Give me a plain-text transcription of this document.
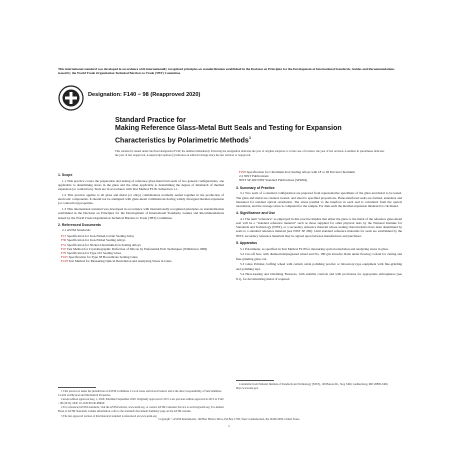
This international standard was developed in accordance with internationally recognized principles on standardization established in the Decision on Principles for the Development of International Standards, Guides and Recommendations issued by the World Trade Organization Technical Barriers to Trade (TBT) Committee.
Designation: F140 − 98 (Reapproved 2020)
Standard Practice for
Making Reference Glass-Metal Butt Seals and Testing for Expansion Characteristics by Polarimetric Methods$^1$
This standard is issued under the fixed designation F140; the number immediately following the designation indicates the year of original adoption or, in the case of revision, the year of last revision. A number in parentheses indicates the year of last reapproval. A superscript epsilon (ε) indicates an editorial change since the last revision or reapproval.
1. Scope

1.1 This practice covers the preparation and testing of reference glass-metal butt seals of two general configurations, one applicable to determining stress in the glass and the other applicable to determining the degree of mismatch of thermal expansion (or contraction). Tests are in accordance with Test Method F218, Subsection 1.1.

1.2 This practice applies to all glass and metal (or alloy) combinations normally sealed together in the production of electronic components. It should not be attempted with glass-metal combinations having widely divergent thermal expansion (or contraction) properties.

1.3 This international standard was developed in accordance with internationally recognized principles on standardization established in the Decision on Principles for the Development of International Standards, Guides and Recommendations issued by the World Trade Organization Technical Barriers to Trade (TBT) Committee.

2. Referenced Documents

2.1 ASTM Standards:

F15 Specification for Iron-Nickel-Cobalt Sealing Alloy

F30 Specification for Iron-Nickel Sealing Alloys

F31 Specification for Nickel-Chromium-Iron Sealing Alloys

F47 Test Method for Crystallographic Perfection of Silicon by Preferential Etch Techniques (Withdrawn 1998)

F79 Specification for Type 101 Sealing Glass

F105 Specification for Type 58 Borosilicate Sealing Glass

F218 Test Method for Measuring Optical Retardation and Analyzing Stress in Glass

1 This practice is under the jurisdiction of ASTM Committee C14 on Glass and Glass Products and is the direct responsibility of Subcommittee C14.04 on Physical and Mechanical Properties.

Current edition approved Aug. 1, 2020. Published September 2020. Originally approved in 1972. Last previous edition approved in 2013 as F140 – 98 (2013). DOI: 10.1520/F0140-98R20.

2 For referenced ASTM standards, visit the ASTM website, www.astm.org, or contact ASTM Customer Service at service@astm.org. For Annual Book of ASTM Standards volume information, refer to the standard's Document Summary page on the ASTM website.

3 The last approved version of this historical standard is referenced on www.astm.org.

F256 Specification for Chromium-Iron Sealing Alloys with 18 or 28 Percent Chromium

2.2 NIST Publications:

NIST SP 260 NIST Standard Publications (SP260a)

3. Summary of Practice

3.1 Two seals of a standard configuration are prepared from representative specimens of the glass and metal to be tested. The glass and metal are cleaned, treated, and sized to specified proportions. Plane-interfaced seals are formed, annealed, and measured for residual optical retardation. The stress parallel to the interface in each seal is calculated from the optical retardation, and the average stress is computed for the sample. For disk seals the thermal expansion mismatch is calculated.

4. Significance and Use

4.1 The term "reference" as employed in this practice implies that either the glass or the metal of the reference glass-metal seal will be a "standard reference material" such as those supplied for other physical tests by the National Institute for Standards and Technology (NIST), or a secondary reference material whose sealing characteristics have been determined by seals to a standard reference material (see NIST SP 260). Until standard reference materials for seals are established by the NIST, secondary reference materials may be agreed upon between manufacturer and purchaser.

5. Apparatus

5.1 Polarimeter, as specified in Test Method F218 for measuring optical retardation and analyzing stress in glass.

5.2 Cut-off Saw, with diamond-impregnated wheel and No. 180 grit abrasive blade under flowing coolant for cutting and fine-grinding glass rod.

5.3 Glass Polisher, buffing wheel with cerium oxide polishing powder or laboratory-type equipment with fine-grinding and polishing laps.

5.4 Heat-treating and Oxidizing Furnaces, with suitable controls and with provisions for appropriate atmospheres (see 8.1), for decarburizing metal, if required.

4 Available from National Institute of Standards and Technology (NIST), 100 Bureau Dr., Stop 3460, Gaithersburg, MD 20899-3460, http://www.nist.gov.

Copyright © ASTM International, 100 Barr Harbor Drive, PO Box C700, West Conshohocken, PA 19428-2959. United States
1
